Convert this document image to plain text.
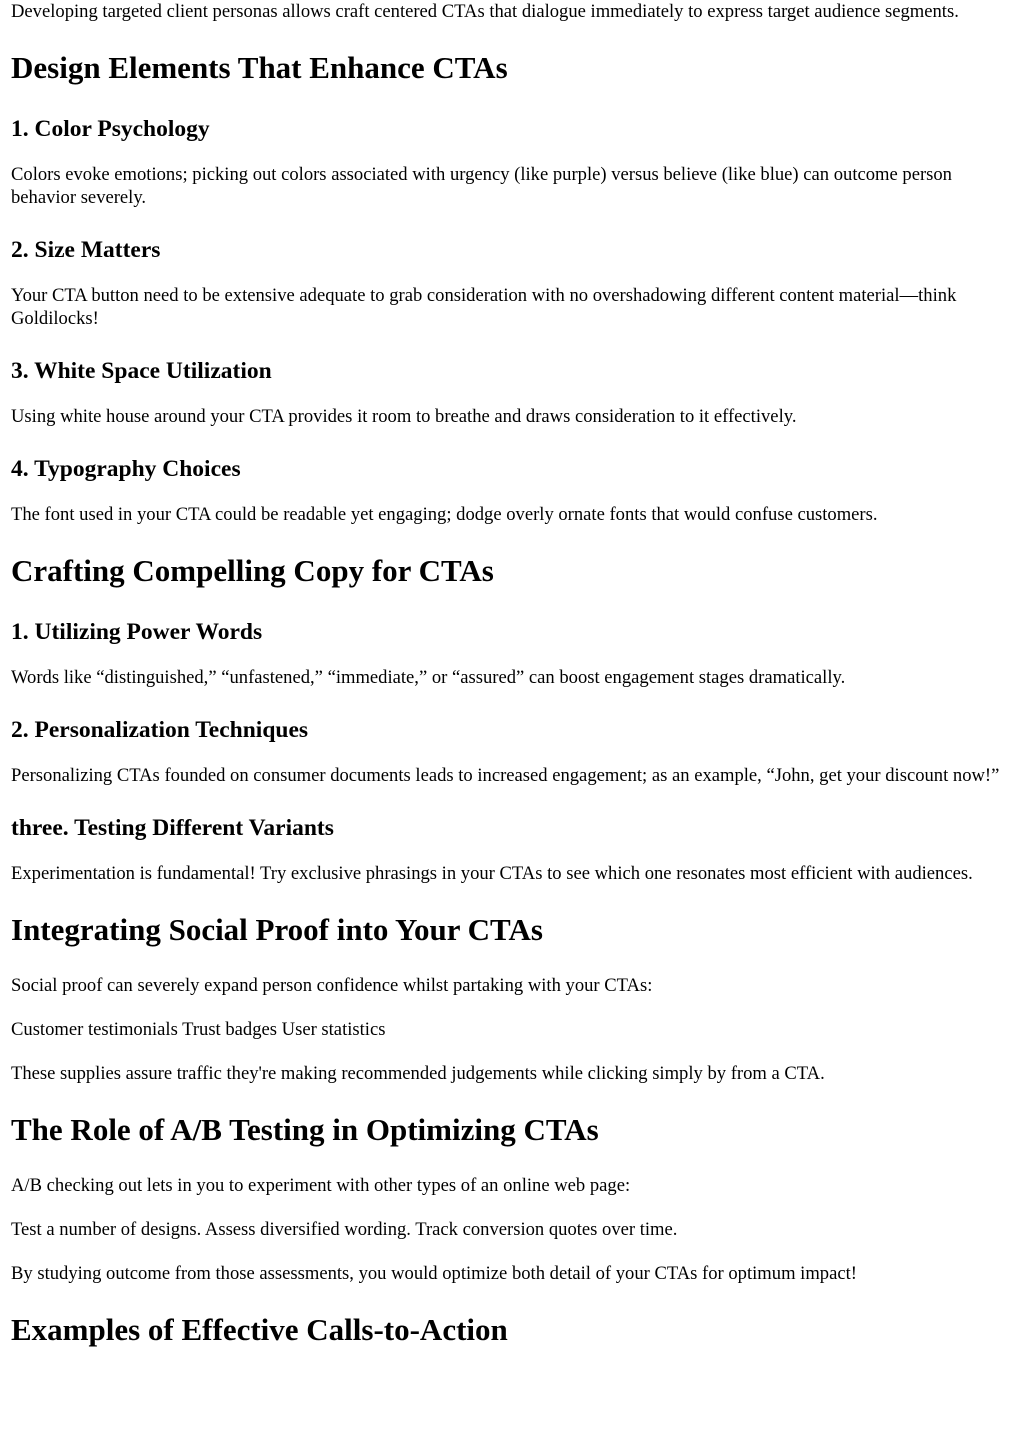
Developing targeted client personas allows craft centered CTAs that dialogue immediately to express target audience segments.

Design Elements That Enhance CTAs
1. Color Psychology

Colors evoke emotions; picking out colors associated with urgency (like purple) versus believe (like blue) can outcome person behavior severely.

2. Size Matters

Your CTA button need to be extensive adequate to grab consideration with no overshadowing different content material—think Goldilocks!

3. White Space Utilization

Using white house around your CTA provides it room to breathe and draws consideration to it effectively.

4. Typography Choices

The font used in your CTA could be readable yet engaging; dodge overly ornate fonts that would confuse customers.

Crafting Compelling Copy for CTAs
1. Utilizing Power Words

Words like “distinguished,” “unfastened,” “immediate,” or “assured” can boost engagement stages dramatically.

2. Personalization Techniques

Personalizing CTAs founded on consumer documents leads to increased engagement; as an example, “John, get your discount now!”

three. Testing Different Variants

Experimentation is fundamental! Try exclusive phrasings in your CTAs to see which one resonates most efficient with audiences.

Integrating Social Proof into Your CTAs

Social proof can severely expand person confidence whilst partaking with your CTAs:

Customer testimonials Trust badges User statistics

These supplies assure traffic they're making recommended judgements while clicking simply by from a CTA.

The Role of A/B Testing in Optimizing CTAs

A/B checking out lets in you to experiment with other types of an online web page:

Test a number of designs. Assess diversified wording. Track conversion quotes over time.

By studying outcome from those assessments, you would optimize both detail of your CTAs for optimum impact!

Examples of Effective Calls-to-Action
